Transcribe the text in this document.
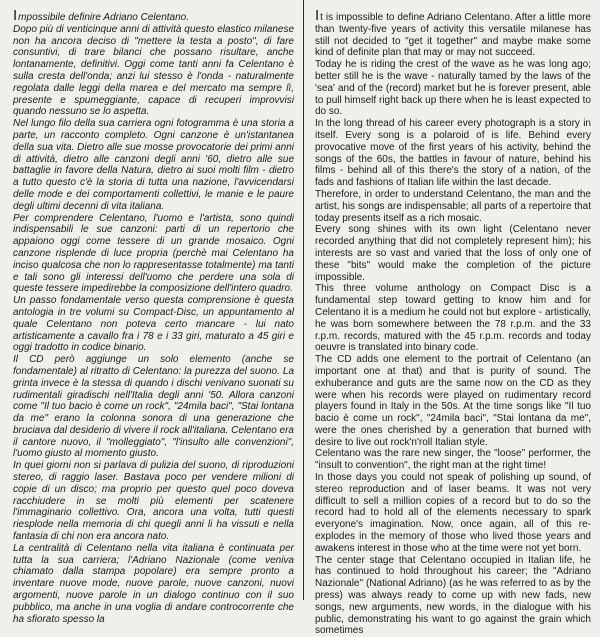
Impossibile definire Adriano Celentano.
Dopo più di venticinque anni di attività questo elastico milanese non ha ancora deciso di "mettere la testa a posto", di fare consuntivi, di trare bilanci che possano risultare, anche lontanamente, definitivi. Oggi come tanti anni fa Celentano è sulla cresta dell'onda; anzi lui stesso è l'onda - naturalmente regolata dalle leggi della marea e del mercato ma sempre lì, presente e spumeggiante, capace di recuperi improvvisi quando nessuno se lo aspetta.

Nel lungo filo della sua carriera ogni fotogramma è una storia a parte, un racconto completo. Ogni canzone è un'istantanea della sua vita. Dietro alle sue mosse provocatorie dei primi anni di attività, dietro alle canzoni degli anni '60, dietro alle sue battaglie in favore della Natura, dietro ai suoi molti film - dietro a tutto questo c'è la storia di tutta una nazione, l'avvicendarsi delle mode e dei comportamenti collettivi, le manie e le paure degli ultimi decenni di vita italiana.

Per comprendere Celentano, l'uomo e l'artista, sono quindi indispensabili le sue canzoni: parti di un repertorio che appaiono oggi come tessere di un grande mosaico. Ogni canzone risplende di luce propria (perchè mai Celentano ha inciso qualcosa che non lo rappresentasse totalmente) ma tanti e tali sono gli interessi dell'uomo che perdere una sola di queste tessere impedirebbe la composizione dell'intero quadro.

Un passo fondamentale verso questa comprensione è questa antologia in tre volumi su Compact-Disc, un appuntamento al quale Celentano non poteva certo mancare - lui nato artisticamente a cavallo fra i 78 e i 33 giri, maturato a 45 giri e oggi tradotto in codice binario.

Il CD però aggiunge un solo elemento (anche se fondamentale) al ritratto di Celentano: la purezza del suono. La grinta invece è la stessa di quando i dischi venivano suonati su rudimentali giradischi nell'Italia degli anni '50. Allora canzoni come "Il tuo bacio è come un rock", "24mila baci", "Stai lontana da me" erano la colonna sonora di una generazione che bruciava dal desiderio di vivere il rock all'italiana. Celentano era il cantore nuovo, il "molleggiato", "l'insulto alle convenzioni", l'uomo giusto al momento giusto.

In quei giorni non si parlava di pulizia del suono, di riproduzioni stereo, di raggio laser. Bastava poco per vendere milioni di copie di un disco; ma proprio per questo quel poco doveva racchiudere in se molti più elementi per scatenere l'immaginario collettivo. Ora, ancora una volta, tutti questi riesplode nella memoria di chi quegli anni li ha vissuti e nella fantasia di chi non era ancora nato.

La centralità di Celentano nella vita italiana è continuata per tutta la sua carriera; l'Adriano Nazionale (come veniva chiamato dalla stampa popolare) era sempre pronto a inventare nuove mode, nuove parole, nuove canzoni, nuovi argomenti, nuove parole in un dialogo continuo con il suo pubblico, ma anche in una voglia di andare controcorrente che ha sfiorato spesso la

It is impossible to define Adriano Celentano. After a little more than twenty-five years of activity this versatile milanese has still not decided to "get it together" and maybe make some kind of definite plan that may or may not succeed.

Today he is riding the crest of the wave as he was long ago; better still he is the wave - naturally tamed by the laws of the 'sea' and of the (record) market but he is forever present, able to pull himself right back up there when he is least expected to do so.

In the long thread of his career every photograph is a story in itself. Every song is a polaroid of is life. Behind every provocative move of the first years of his activity, behind the songs of the 60s, the battles in favour of nature, behind his films - behind all of this there's the story of a nation, of the fads and fashions of Italian life within the last decade.

Therefore, in order to understand Celentano, the man and the artist, his songs are indispensable; all parts of a repertoire that today presents itself as a rich mosaic.

Every song shines with its own light (Celentano never recorded anything that did not completely represent him); his interests are so vast and varied that the loss of only one of these "bits" would make the completion of the picture impossible.

This three volume anthology on Compact Disc is a fundamental step toward getting to know him and for Celentano it is a medium he could not but explore - artistically, he was born somewhere between the 78 r.p.m. and the 33 r.p.m. records, matured with the 45 r.p.m. records and today oeuvre is translated into binary code.

The CD adds one element to the portrait of Celentano (an important one at that) and that is purity of sound. The exhuberance and guts are the same now on the CD as they were when his records were played on rudimentary record players found in Italy in the 50s. At the time songs like "Il tuo bacio è come un rock", "24mila baci", "Stai lontana da me", were the ones cherished by a generation that burned with desire to live out rock'n'roll Italian style.

Celentano was the rare new singer, the "loose" performer, the "insult to convention", the right man at the right time!

In those days you could not speak of polishing up sound, of stereo reproduction and of laser beams. It was not very difficult to sell a million copies of a record but to do so the record had to hold all of the elements necessary to spark everyone's imagination. Now, once again, all of this re-explodes in the memory of those who lived those years and awakens interest in those who at the time were not yet born.

The center stage that Celentano occupied in Italian life, he has continued to hold throughout his career; the "Adriano Nazionale" (National Adriano) (as he was referred to as by the press) was always ready to come up with new fads, new songs, new arguments, new words, in the dialogue with his public, demonstrating his want to go against the grain which sometimes
